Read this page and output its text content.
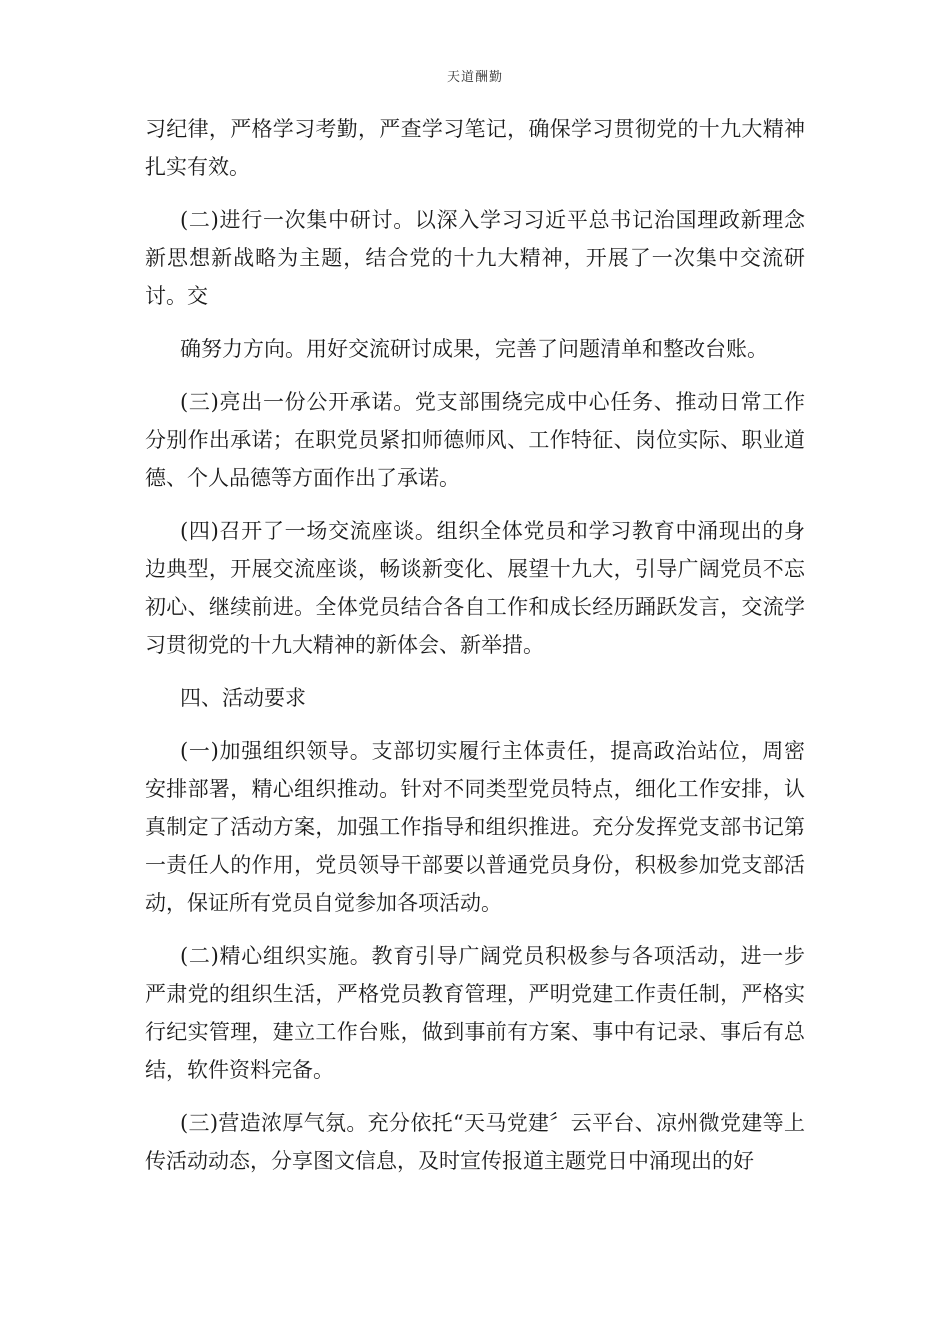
天道酬勤

习纪律，严格学习考勤，严查学习笔记，确保学习贯彻党的十九大精神扎实有效。

(二)进行一次集中研讨。以深入学习习近平总书记治国理政新理念新思想新战略为主题，结合党的十九大精神，开展了一次集中交流研讨。交

确努力方向。用好交流研讨成果，完善了问题清单和整改台账。

(三)亮出一份公开承诺。党支部围绕完成中心任务、推动日常工作分别作出承诺；在职党员紧扣师德师风、工作特征、岗位实际、职业道德、个人品德等方面作出了承诺。

(四)召开了一场交流座谈。组织全体党员和学习教育中涌现出的身边典型，开展交流座谈，畅谈新变化、展望十九大，引导广阔党员不忘初心、继续前进。全体党员结合各自工作和成长经历踊跃发言，交流学习贯彻党的十九大精神的新体会、新举措。

四、活动要求

(一)加强组织领导。支部切实履行主体责任，提高政治站位，周密安排部署，精心组织推动。针对不同类型党员特点，细化工作安排，认真制定了活动方案，加强工作指导和组织推进。充分发挥党支部书记第一责任人的作用，党员领导干部要以普通党员身份，积极参加党支部活动，保证所有党员自觉参加各项活动。

(二)精心组织实施。教育引导广阔党员积极参与各项活动，进一步严肃党的组织生活，严格党员教育管理，严明党建工作责任制，严格实行纪实管理，建立工作台账，做到事前有方案、事中有记录、事后有总结，软件资料完备。

(三)营造浓厚气氛。充分依托“天马党建〞云平台、凉州微党建等上传活动动态，分享图文信息，及时宣传报道主题党日中涌现出的好
